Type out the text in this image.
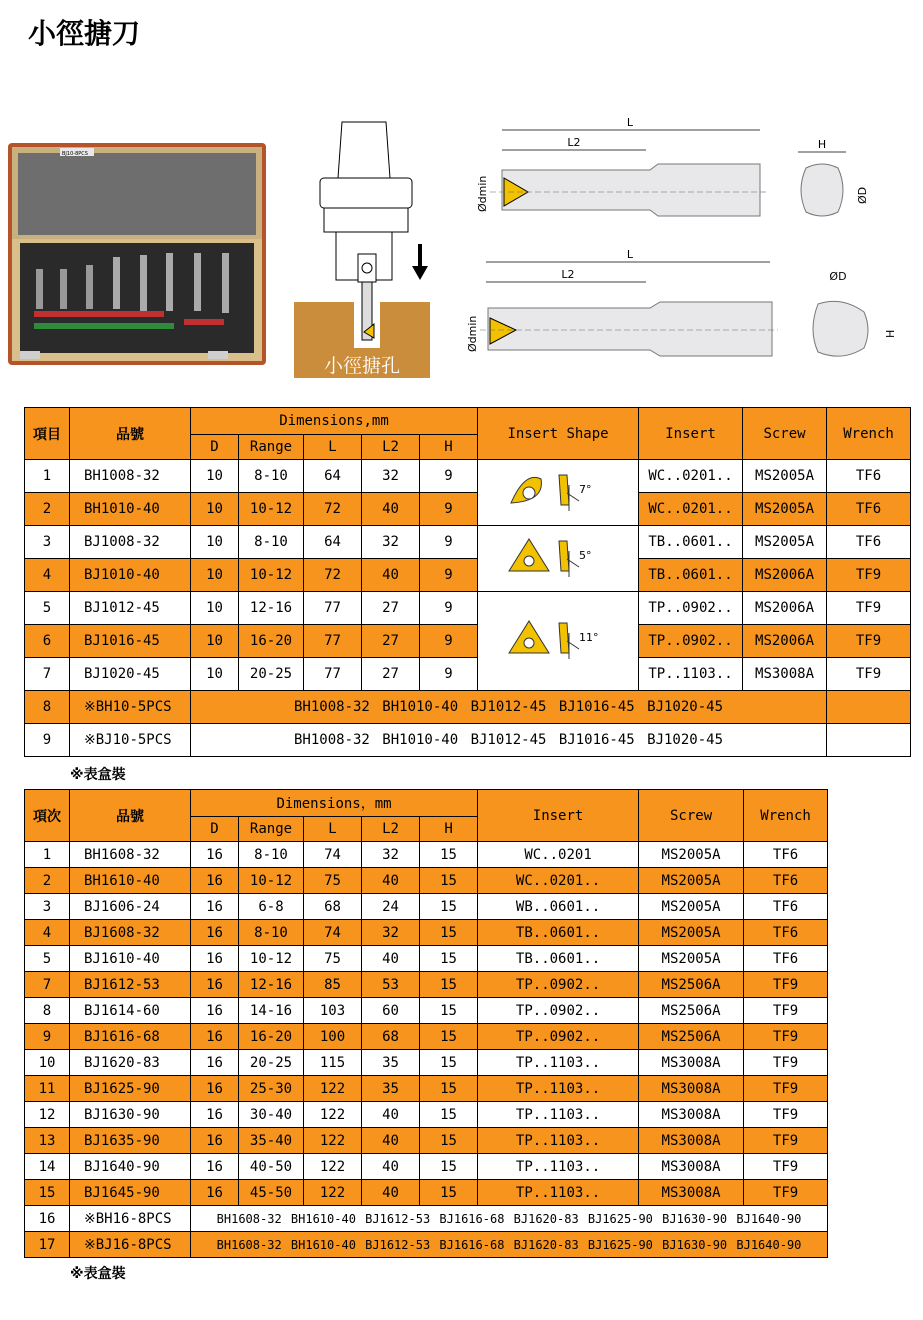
小徑搪刀
BJ10-8PCS
小徑搪孔
L
L2
Ødmin
L
L2
Ødmin
H
ØD
ØD
H
項目	品號	Dimensions,mm					Insert Shape	Insert	Screw	Wrench
		D	Range	L	L2	H				
1	BH1008-32	10	8-10	64	32	9	7°	WC..0201..	MS2005A	TF6
2	BH1010-40	10	10-12	72	40	9		WC..0201..	MS2005A	TF6
3	BJ1008-32	10	8-10	64	32	9	5°	TB..0601..	MS2005A	TF6
4	BJ1010-40	10	10-12	72	40	9		TB..0601..	MS2006A	TF9
5	BJ1012-45	10	12-16	77	27	9	11°	TP..0902..	MS2006A	TF9
6	BJ1016-45	10	16-20	77	27	9		TP..0902..	MS2006A	TF9
7	BJ1020-45	10	20-25	77	27	9		TP..1103..	MS3008A	TF9
8	※BH10-5PCS	BH1008-32 BH1010-40 BJ1012-45 BJ1016-45 BJ1020-45								
9	※BJ10-5PCS	BH1008-32 BH1010-40 BJ1012-45 BJ1016-45 BJ1020-45								
※表盒裝
項次	品號	Dimensions，mm					Insert	Screw	Wrench
		D	Range	L	L2	H			
1	BH1608-32	16	8-10	74	32	15	WC..0201	MS2005A	TF6
2	BH1610-40	16	10-12	75	40	15	WC..0201..	MS2005A	TF6
3	BJ1606-24	16	6-8	68	24	15	WB..0601..	MS2005A	TF6
4	BJ1608-32	16	8-10	74	32	15	TB..0601..	MS2005A	TF6
5	BJ1610-40	16	10-12	75	40	15	TB..0601..	MS2005A	TF6
7	BJ1612-53	16	12-16	85	53	15	TP..0902..	MS2506A	TF9
8	BJ1614-60	16	14-16	103	60	15	TP..0902..	MS2506A	TF9
9	BJ1616-68	16	16-20	100	68	15	TP..0902..	MS2506A	TF9
10	BJ1620-83	16	20-25	115	35	15	TP..1103..	MS3008A	TF9
11	BJ1625-90	16	25-30	122	35	15	TP..1103..	MS3008A	TF9
12	BJ1630-90	16	30-40	122	40	15	TP..1103..	MS3008A	TF9
13	BJ1635-90	16	35-40	122	40	15	TP..1103..	MS3008A	TF9
14	BJ1640-90	16	40-50	122	40	15	TP..1103..	MS3008A	TF9
15	BJ1645-90	16	45-50	122	40	15	TP..1103..	MS3008A	TF9
16	※BH16-8PCS	BH1608-32 BH1610-40 BJ1612-53 BJ1616-68 BJ1620-83 BJ1625-90 BJ1630-90 BJ1640-90							
17	※BJ16-8PCS	BH1608-32 BH1610-40 BJ1612-53 BJ1616-68 BJ1620-83 BJ1625-90 BJ1630-90 BJ1640-90							
※表盒裝
